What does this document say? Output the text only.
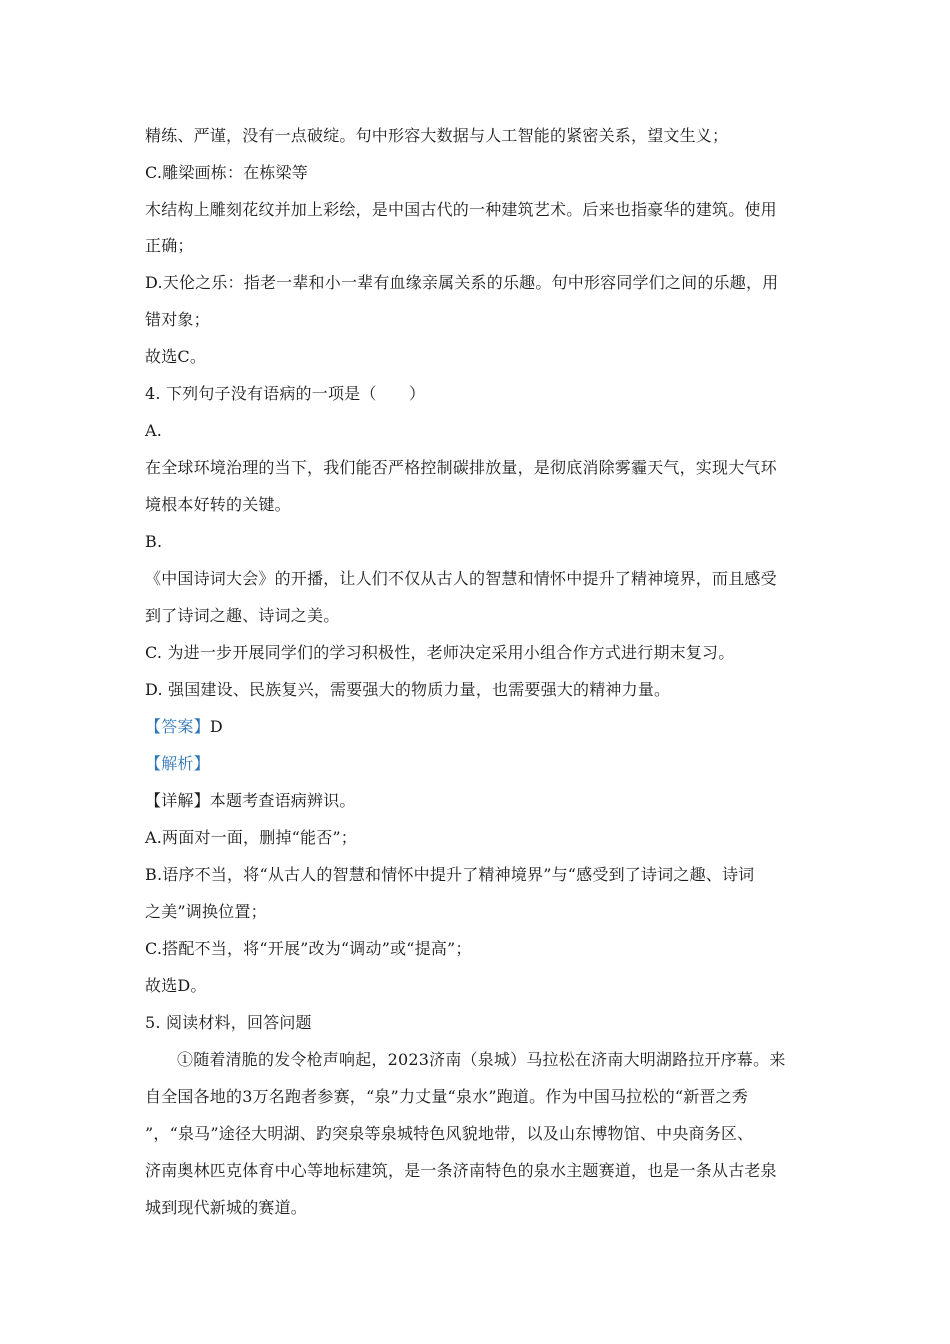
精练、严谨，没有一点破绽。句中形容大数据与人工智能的紧密关系，望文生义；
C.雕梁画栋：在栋梁等
木结构上雕刻花纹并加上彩绘，是中国古代的一种建筑艺术。后来也指豪华的建筑。使用
正确；
D.天伦之乐：指老一辈和小一辈有血缘亲属关系的乐趣。句中形容同学们之间的乐趣，用
错对象；
故选C。
4. 下列句子没有语病的一项是（　　）
A.
在全球环境治理的当下，我们能否严格控制碳排放量，是彻底消除雾霾天气，实现大气环
境根本好转的关键。
B.
《中国诗词大会》的开播，让人们不仅从古人的智慧和情怀中提升了精神境界，而且感受
到了诗词之趣、诗词之美。
C. 为进一步开展同学们的学习积极性，老师决定采用小组合作方式进行期末复习。
D. 强国建设、民族复兴，需要强大的物质力量，也需要强大的精神力量。
【答案】D
【解析】
【详解】本题考查语病辨识。
A.两面对一面，删掉“能否”；
B.语序不当，将“从古人的智慧和情怀中提升了精神境界”与“感受到了诗词之趣、诗词
之美”调换位置；
C.搭配不当，将“开展”改为“调动”或“提高”；
故选D。
5. 阅读材料，回答问题
①随着清脆的发令枪声响起，2023济南（泉城）马拉松在济南大明湖路拉开序幕。来
自全国各地的3万名跑者参赛，“泉”力丈量“泉水”跑道。作为中国马拉松的“新晋之秀
”，“泉马”途径大明湖、趵突泉等泉城特色风貌地带，以及山东博物馆、中央商务区、
济南奥林匹克体育中心等地标建筑，是一条济南特色的泉水主题赛道，也是一条从古老泉
城到现代新城的赛道。
